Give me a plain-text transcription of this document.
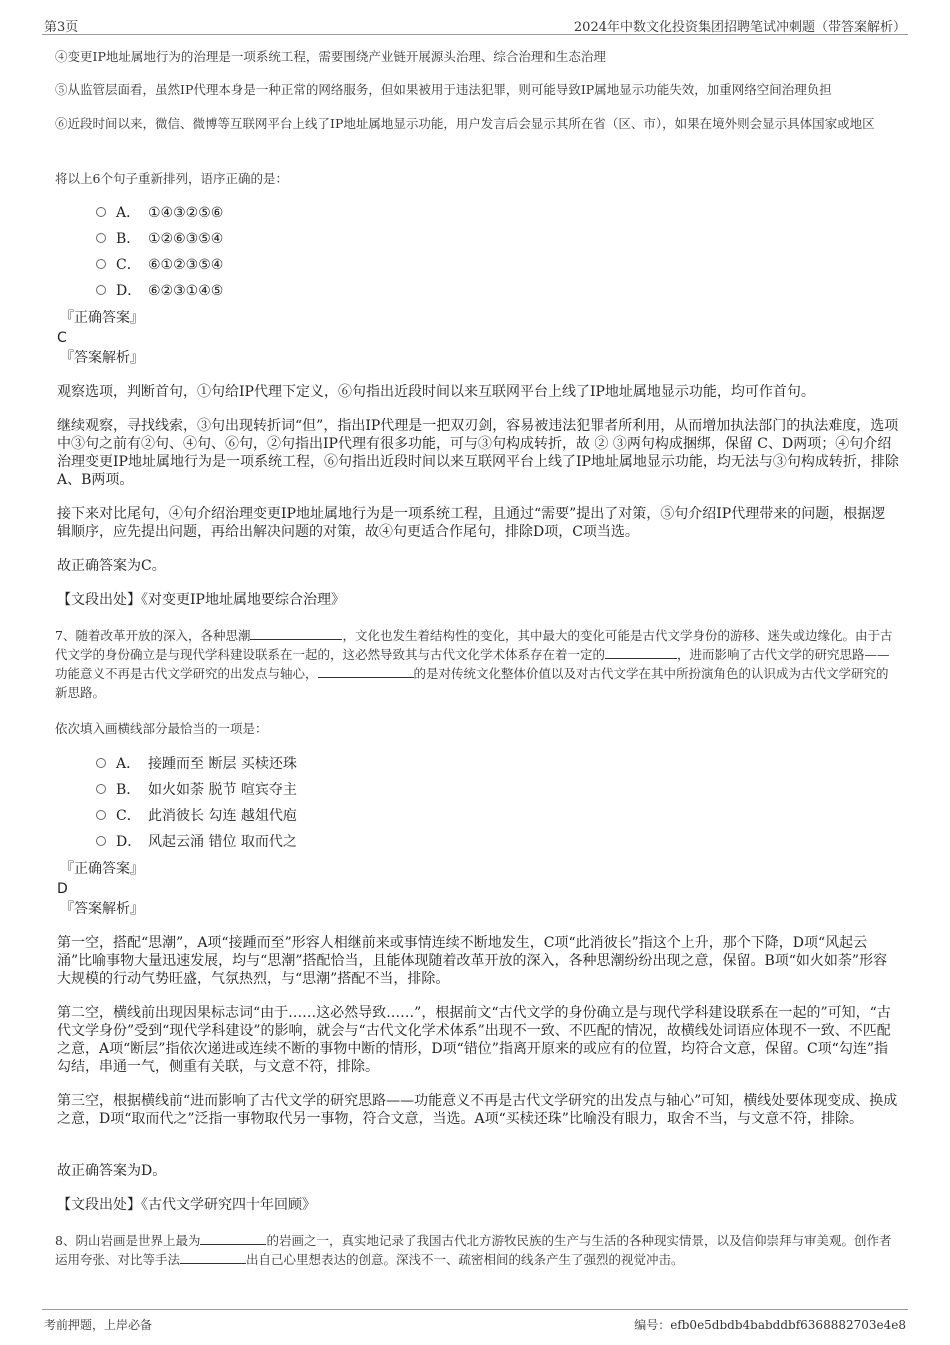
第3页	2024年中数文化投资集团招聘笔试冲刺题（带答案解析）
④变更IP地址属地行为的治理是一项系统工程，需要围绕产业链开展源头治理、综合治理和生态治理
⑤从监管层面看，虽然IP代理本身是一种正常的网络服务，但如果被用于违法犯罪，则可能导致IP属地显示功能失效，加重网络空间治理负担
⑥近段时间以来，微信、微博等互联网平台上线了IP地址属地显示功能，用户发言后会显示其所在省（区、市），如果在境外则会显示具体国家或地区
将以上6个句子重新排列，语序正确的是：
A． ①④③②⑤⑥
B． ①②⑥③⑤④
C． ⑥①②③⑤④
D． ⑥②③①④⑤
『正确答案』
C
『答案解析』
观察选项，判断首句，①句给IP代理下定义，⑥句指出近段时间以来互联网平台上线了IP地址属地显示功能，均可作首句。
继续观察，寻找线索，③句出现转折词“但”，指出IP代理是一把双刃剑，容易被违法犯罪者所利用，从而增加执法部门的执法难度，选项中③句之前有②句、④句、⑥句，②句指出IP代理有很多功能，可与③句构成转折，故 ② ③两句构成捆绑，保留 C、D两项；④句介绍治理变更IP地址属地行为是一项系统工程，⑥句指出近段时间以来互联网平台上线了IP地址属地显示功能，均无法与③句构成转折，排除A、B两项。
接下来对比尾句，④句介绍治理变更IP地址属地行为是一项系统工程，且通过“需要”提出了对策，⑤句介绍IP代理带来的问题，根据逻辑顺序，应先提出问题，再给出解决问题的对策，故④句更适合作尾句，排除D项，C项当选。
故正确答案为C。
【文段出处】《对变更IP地址属地要综合治理》
7、随着改革开放的深入，各种思潮	，文化也发生着结构性的变化，其中最大的变化可能是古代文学身份的游移、迷失或边缘化。由于古代文学的身份确立是与现代学科建设联系在一起的，这必然导致其与古代文化学术体系存在着一定的	，进而影响了古代文学的研究思路——功能意义不再是古代文学研究的出发点与轴心，	的是对传统文化整体价值以及对古代文学在其中所扮演角色的认识成为古代文学研究的新思路。
依次填入画横线部分最恰当的一项是：
A． 接踵而至 断层 买椟还珠
B． 如火如荼 脱节 喧宾夺主
C． 此消彼长 勾连 越俎代庖
D． 风起云涌 错位 取而代之
『正确答案』
D
『答案解析』
第一空，搭配“思潮”，A项“接踵而至”形容人相继前来或事情连续不断地发生，C项“此消彼长”指这个上升，那个下降，D项“风起云涌”比喻事物大量迅速发展，均与“思潮”搭配恰当，且能体现随着改革开放的深入，各种思潮纷纷出现之意，保留。B项“如火如荼”形容大规模的行动气势旺盛，气氛热烈，与“思潮”搭配不当，排除。
第二空，横线前出现因果标志词“由于……这必然导致……”，根据前文“古代文学的身份确立是与现代学科建设联系在一起的”可知，“古代文学身份”受到“现代学科建设”的影响，就会与“古代文化学术体系”出现不一致、不匹配的情况，故横线处词语应体现不一致、不匹配之意，A项“断层”指依次递进或连续不断的事物中断的情形，D项“错位”指离开原来的或应有的位置，均符合文意，保留。C项“勾连”指勾结，串通一气，侧重有关联，与文意不符，排除。
第三空，根据横线前“进而影响了古代文学的研究思路——功能意义不再是古代文学研究的出发点与轴心”可知，横线处要体现变成、换成之意，D项“取而代之”泛指一事物取代另一事物，符合文意，当选。A项“买椟还珠”比喻没有眼力，取舍不当，与文意不符，排除。
故正确答案为D。
【文段出处】《古代文学研究四十年回顾》
8、阴山岩画是世界上最为	的岩画之一，真实地记录了我国古代北方游牧民族的生产与生活的各种现实情景，以及信仰崇拜与审美观。创作者运用夸张、对比等手法	出自己心里想表达的创意。深浅不一、疏密相间的线条产生了强烈的视觉冲击。
考前押题，上岸必备	编号：efb0e5dbdb4babddbf6368882703e4e8
